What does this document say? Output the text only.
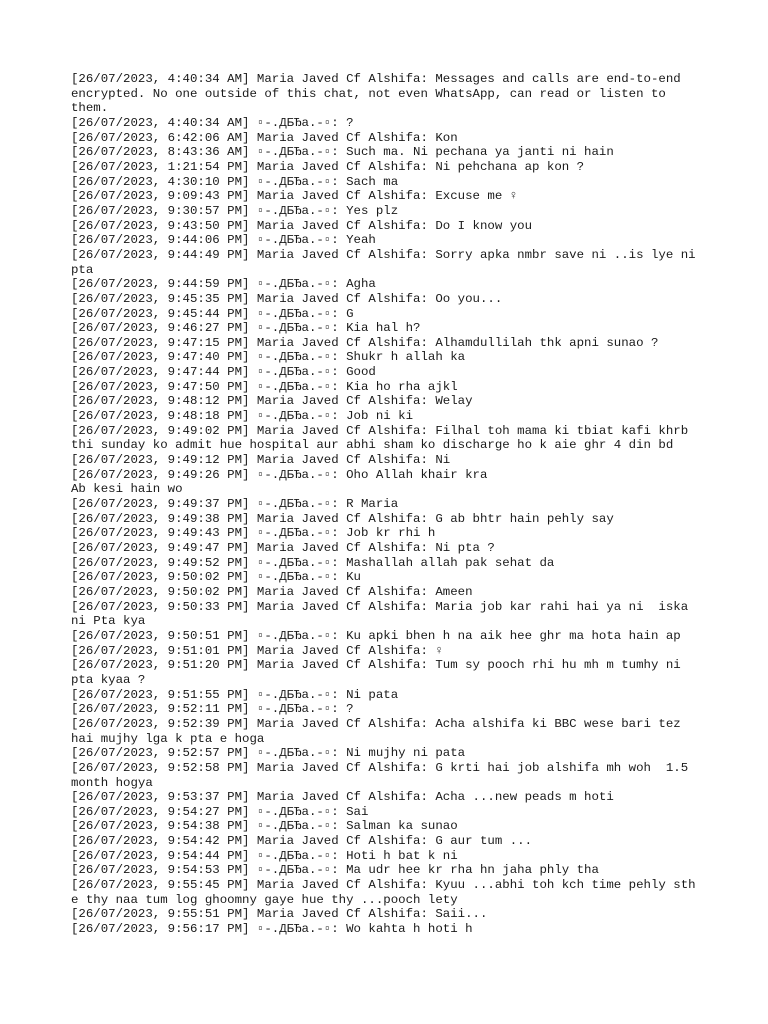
[26/07/2023, 4:40:34 AM] Maria Javed Cf Alshifa: Messages and calls are end-to-end encrypted. No one outside of this chat, not even WhatsApp, can read or listen to them.
[26/07/2023, 4:40:34 AM] ▫-.ДБЂа.-▫: ?
[26/07/2023, 6:42:06 AM] Maria Javed Cf Alshifa: Kon
[26/07/2023, 8:43:36 AM] ▫-.ДБЂа.-▫: Such ma. Ni pechana ya janti ni hain
[26/07/2023, 1:21:54 PM] Maria Javed Cf Alshifa: Ni pehchana ap kon ?
[26/07/2023, 4:30:10 PM] ▫-.ДБЂа.-▫: Sach ma
[26/07/2023, 9:09:43 PM] Maria Javed Cf Alshifa: Excuse me ♀
[26/07/2023, 9:30:57 PM] ▫-.ДБЂа.-▫: Yes plz
[26/07/2023, 9:43:50 PM] Maria Javed Cf Alshifa: Do I know you
[26/07/2023, 9:44:06 PM] ▫-.ДБЂа.-▫: Yeah
[26/07/2023, 9:44:49 PM] Maria Javed Cf Alshifa: Sorry apka nmbr save ni ..is lye ni pta
[26/07/2023, 9:44:59 PM] ▫-.ДБЂа.-▫: Agha
[26/07/2023, 9:45:35 PM] Maria Javed Cf Alshifa: Oo you...
[26/07/2023, 9:45:44 PM] ▫-.ДБЂа.-▫: G
[26/07/2023, 9:46:27 PM] ▫-.ДБЂа.-▫: Kia hal h?
[26/07/2023, 9:47:15 PM] Maria Javed Cf Alshifa: Alhamdullilah thk apni sunao ?
[26/07/2023, 9:47:40 PM] ▫-.ДБЂа.-▫: Shukr h allah ka
[26/07/2023, 9:47:44 PM] ▫-.ДБЂа.-▫: Good
[26/07/2023, 9:47:50 PM] ▫-.ДБЂа.-▫: Kia ho rha ajkl
[26/07/2023, 9:48:12 PM] Maria Javed Cf Alshifa: Welay
[26/07/2023, 9:48:18 PM] ▫-.ДБЂа.-▫: Job ni ki
[26/07/2023, 9:49:02 PM] Maria Javed Cf Alshifa: Filhal toh mama ki tbiat kafi khrb thi sunday ko admit hue hospital aur abhi sham ko discharge ho k aie ghr 4 din bd
[26/07/2023, 9:49:12 PM] Maria Javed Cf Alshifa: Ni
[26/07/2023, 9:49:26 PM] ▫-.ДБЂа.-▫: Oho Allah khair kra
Ab kesi hain wo
[26/07/2023, 9:49:37 PM] ▫-.ДБЂа.-▫: R Maria
[26/07/2023, 9:49:38 PM] Maria Javed Cf Alshifa: G ab bhtr hain pehly say
[26/07/2023, 9:49:43 PM] ▫-.ДБЂа.-▫: Job kr rhi h
[26/07/2023, 9:49:47 PM] Maria Javed Cf Alshifa: Ni pta ?
[26/07/2023, 9:49:52 PM] ▫-.ДБЂа.-▫: Mashallah allah pak sehat da
[26/07/2023, 9:50:02 PM] ▫-.ДБЂа.-▫: Ku
[26/07/2023, 9:50:02 PM] Maria Javed Cf Alshifa: Ameen
[26/07/2023, 9:50:33 PM] Maria Javed Cf Alshifa: Maria job kar rahi hai ya ni  iska ni Pta kya
[26/07/2023, 9:50:51 PM] ▫-.ДБЂа.-▫: Ku apki bhen h na aik hee ghr ma hota hain ap
[26/07/2023, 9:51:01 PM] Maria Javed Cf Alshifa: ♀
[26/07/2023, 9:51:20 PM] Maria Javed Cf Alshifa: Tum sy pooch rhi hu mh m tumhy ni pta kyaa ?
[26/07/2023, 9:51:55 PM] ▫-.ДБЂа.-▫: Ni pata
[26/07/2023, 9:52:11 PM] ▫-.ДБЂа.-▫: ?
[26/07/2023, 9:52:39 PM] Maria Javed Cf Alshifa: Acha alshifa ki BBC wese bari tez hai mujhy lga k pta e hoga
[26/07/2023, 9:52:57 PM] ▫-.ДБЂа.-▫: Ni mujhy ni pata
[26/07/2023, 9:52:58 PM] Maria Javed Cf Alshifa: G krti hai job alshifa mh woh  1.5 month hogya
[26/07/2023, 9:53:37 PM] Maria Javed Cf Alshifa: Acha ...new peads m hoti
[26/07/2023, 9:54:27 PM] ▫-.ДБЂа.-▫: Sai
[26/07/2023, 9:54:38 PM] ▫-.ДБЂа.-▫: Salman ka sunao
[26/07/2023, 9:54:42 PM] Maria Javed Cf Alshifa: G aur tum ...
[26/07/2023, 9:54:44 PM] ▫-.ДБЂа.-▫: Hoti h bat k ni
[26/07/2023, 9:54:53 PM] ▫-.ДБЂа.-▫: Ma udr hee kr rha hn jaha phly tha
[26/07/2023, 9:55:45 PM] Maria Javed Cf Alshifa: Kyuu ...abhi toh kch time pehly sth e thy naa tum log ghoomny gaye hue thy ...pooch lety
[26/07/2023, 9:55:51 PM] Maria Javed Cf Alshifa: Saii...
[26/07/2023, 9:56:17 PM] ▫-.ДБЂа.-▫: Wo kahta h hoti h
